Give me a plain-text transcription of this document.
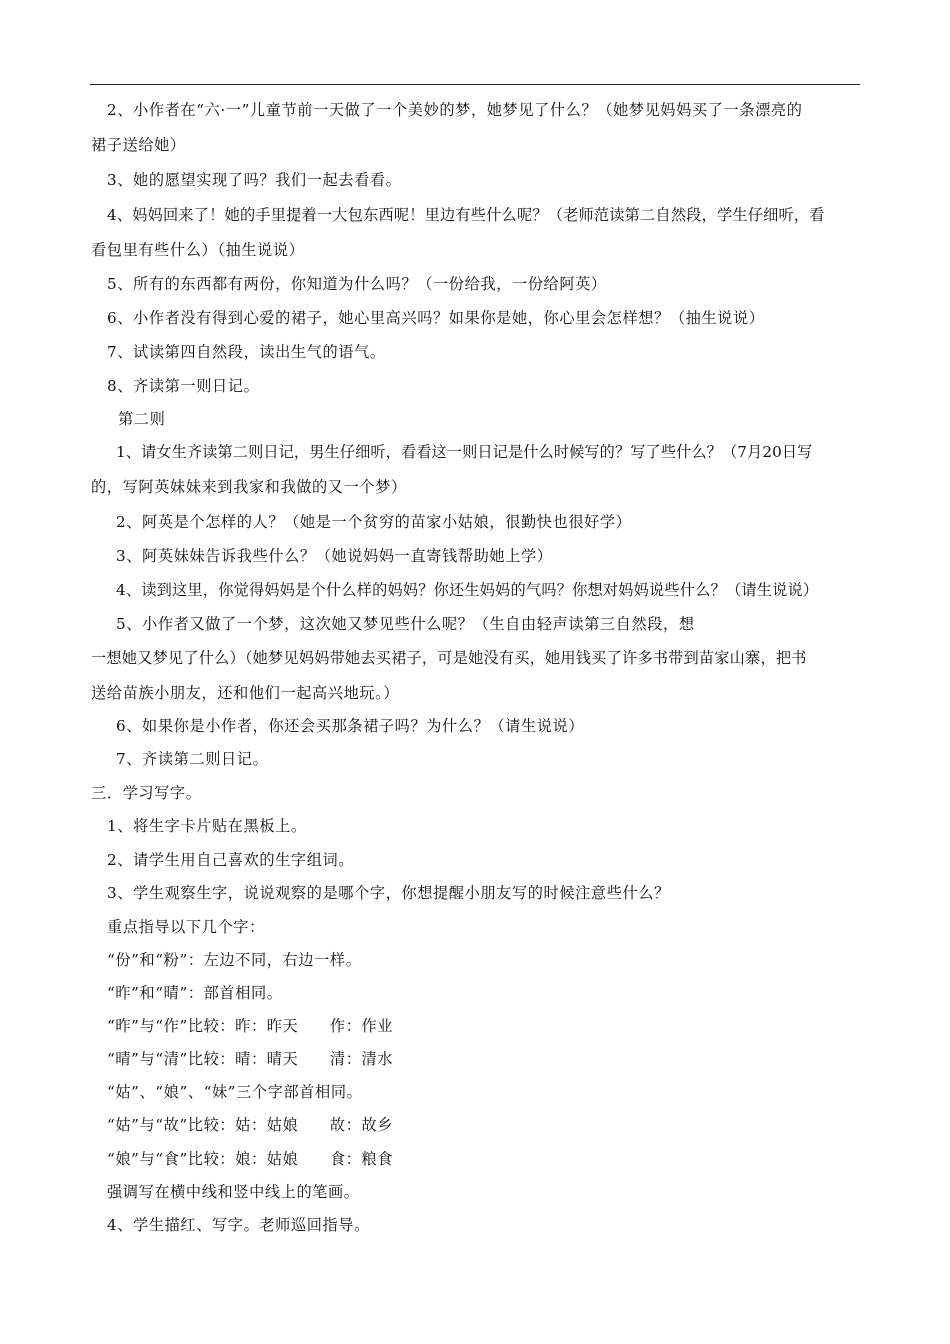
2、小作者在“六·一”儿童节前一天做了一个美妙的梦，她梦见了什么？（她梦见妈妈买了一条漂亮的
裙子送给她）
3、她的愿望实现了吗？我们一起去看看。
4、妈妈回来了！她的手里提着一大包东西呢！里边有些什么呢？（老师范读第二自然段，学生仔细听，看
看包里有些什么）（抽生说说）
5、所有的东西都有两份，你知道为什么吗？（一份给我，一份给阿英）
6、小作者没有得到心爱的裙子，她心里高兴吗？如果你是她，你心里会怎样想？（抽生说说）
7、试读第四自然段，读出生气的语气。
8、齐读第一则日记。
第二则
1、请女生齐读第二则日记，男生仔细听，看看这一则日记是什么时候写的？写了些什么？（7月20日写
的，写阿英妹妹来到我家和我做的又一个梦）
2、阿英是个怎样的人？（她是一个贫穷的苗家小姑娘，很勤快也很好学）
3、阿英妹妹告诉我些什么？（她说妈妈一直寄钱帮助她上学）
4、读到这里，你觉得妈妈是个什么样的妈妈？你还生妈妈的气吗？你想对妈妈说些什么？（请生说说）
5、小作者又做了一个梦，这次她又梦见些什么呢？（生自由轻声读第三自然段，想
一想她又梦见了什么）（她梦见妈妈带她去买裙子，可是她没有买，她用钱买了许多书带到苗家山寨，把书
送给苗族小朋友，还和他们一起高兴地玩。）
6、如果你是小作者，你还会买那条裙子吗？为什么？（请生说说）
7、齐读第二则日记。
三．学习写字。
1、将生字卡片贴在黑板上。
2、请学生用自己喜欢的生字组词。
3、学生观察生字，说说观察的是哪个字，你想提醒小朋友写的时候注意些什么？
重点指导以下几个字：
“份”和“粉”：左边不同，右边一样。
“昨”和“晴”：部首相同。
“昨”与“作”比较：昨：昨天　　作：作业
“晴”与“清”比较：晴：晴天　　清：清水
“姑”、“娘”、“妹”三个字部首相同。
“姑”与“故”比较：姑：姑娘　　故：故乡
“娘”与“食”比较：娘：姑娘　　食：粮食
强调写在横中线和竖中线上的笔画。
4、学生描红、写字。老师巡回指导。
